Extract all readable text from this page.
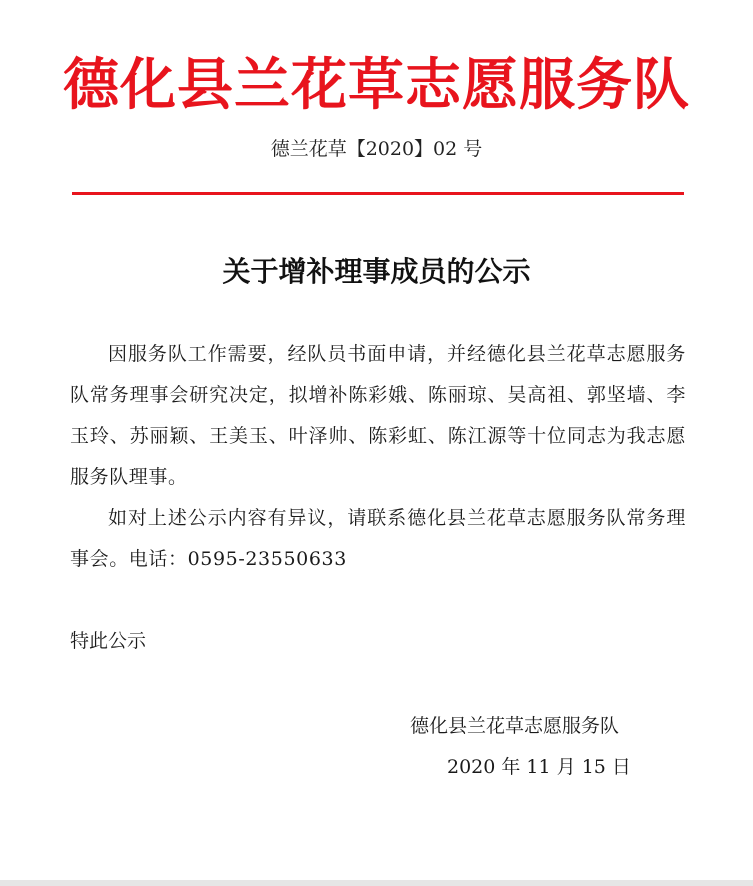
德化县兰花草志愿服务队
德兰花草【2020】02 号
关于增补理事成员的公示

因服务队工作需要，经队员书面申请，并经德化县兰花草志愿服务队常务理事会研究决定，拟增补陈彩娥、陈丽琼、吴高祖、郭坚墙、李玉玲、苏丽颖、王美玉、叶泽帅、陈彩虹、陈江源等十位同志为我志愿服务队理事。

如对上述公示内容有异议，请联系德化县兰花草志愿服务队常务理事会。电话：0595-23550633

特此公示
德化县兰花草志愿服务队
2020 年 11 月 15 日
